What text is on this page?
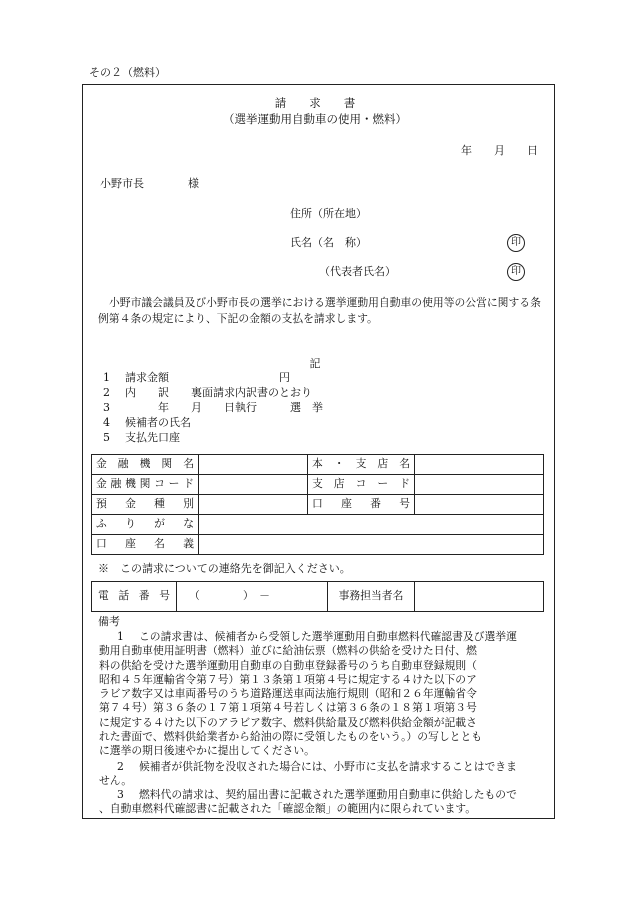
その２（燃料）
請　　求　　書
（選挙運動用自動車の使用・燃料）
年　　月　　日
小野市長　　　　様
住所（所在地）
氏名（名　称）	印
（代表者氏名）	印
小野市議会議員及び小野市長の選挙における選挙運動用自動車の使用等の公営に関する条例第４条の規定により、下記の金額の支払を請求します。
記
1 請求金額　　　　　　　　　　円
2 内　　訳　　裏面請求内訳書のとおり
3　　　年　　月　　日執行　　　選　挙
4 候補者の氏名
5 支払先口座
金融機関名		本・支店名	
金融機関コード		支店コード	
預金種別		口座番号	
ふりがな			
口座名義			
※　この請求についての連絡先を御記入ください。
電話番号	（　　　　）　－	事務担当者名	
備考
1 この請求書は、候補者から受領した選挙運動用自動車燃料代確認書及び選挙運
動用自動車使用証明書（燃料）並びに給油伝票（燃料の供給を受けた日付、燃
料の供給を受けた選挙運動用自動車の自動車登録番号のうち自動車登録規則（
昭和４５年運輸省令第７号）第１３条第１項第４号に規定する４けた以下のア
ラビア数字又は車両番号のうち道路運送車両法施行規則（昭和２６年運輸省令
第７４号）第３６条の１７第１項第４号若しくは第３６条の１８第１項第３号
に規定する４けた以下のアラビア数字、燃料供給量及び燃料供給金額が記載さ
れた書面で、燃料供給業者から給油の際に受領したものをいう。）の写しととも
に選挙の期日後速やかに提出してください。
2 候補者が供託物を没収された場合には、小野市に支払を請求することはできま
せん。
3 燃料代の請求は、契約届出書に記載された選挙運動用自動車に供給したもので
、自動車燃料代確認書に記載された「確認金額」の範囲内に限られています。
